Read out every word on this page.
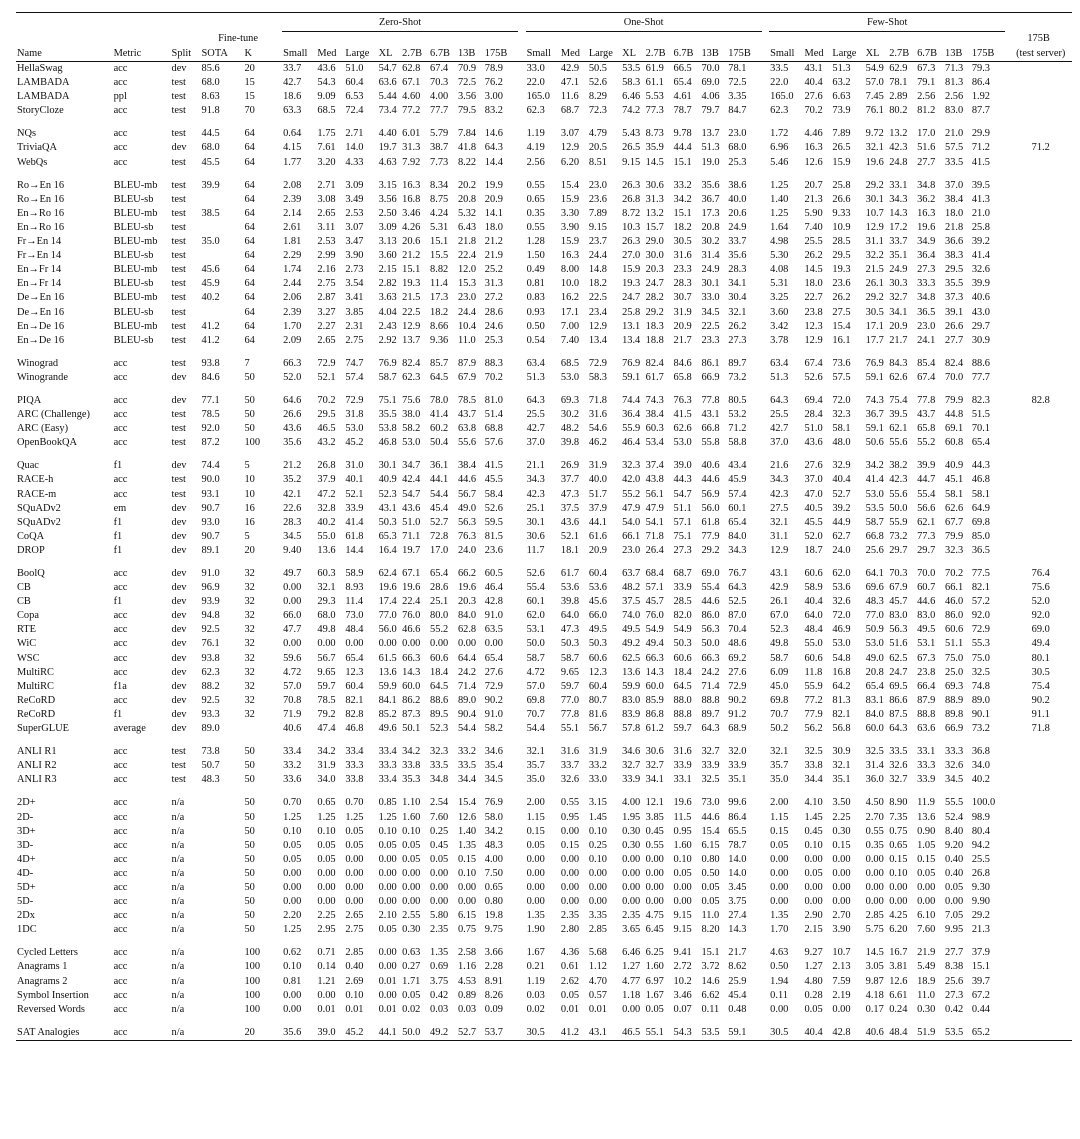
						Zero-Shot									One-Shot									Few-Shot									
			Fine-tune																													175B	
Name	Metric	Split	SOTA	K		Small	Med	Large	XL	2.7B	6.7B	13B	175B		Small	Med	Large	XL	2.7B	6.7B	13B	175B		Small	Med	Large	XL	2.7B	6.7B	13B	175B		(test server)
HellaSwag	acc	dev	85.6	20		33.7	43.6	51.0	54.7	62.8	67.4	70.9	78.9		33.0	42.9	50.5	53.5	61.9	66.5	70.0	78.1		33.5	43.1	51.3	54.9	62.9	67.3	71.3	79.3		
LAMBADA	acc	test	68.0	15		42.7	54.3	60.4	63.6	67.1	70.3	72.5	76.2		22.0	47.1	52.6	58.3	61.1	65.4	69.0	72.5		22.0	40.4	63.2	57.0	78.1	79.1	81.3	86.4		
LAMBADA	ppl	test	8.63	15		18.6	9.09	6.53	5.44	4.60	4.00	3.56	3.00		165.0	11.6	8.29	6.46	5.53	4.61	4.06	3.35		165.0	27.6	6.63	7.45	2.89	2.56	2.56	1.92		
StoryCloze	acc	test	91.8	70		63.3	68.5	72.4	73.4	77.2	77.7	79.5	83.2		62.3	68.7	72.3	74.2	77.3	78.7	79.7	84.7		62.3	70.2	73.9	76.1	80.2	81.2	83.0	87.7		

NQs	acc	test	44.5	64		0.64	1.75	2.71	4.40	6.01	5.79	7.84	14.6		1.19	3.07	4.79	5.43	8.73	9.78	13.7	23.0		1.72	4.46	7.89	9.72	13.2	17.0	21.0	29.9		
TriviaQA	acc	dev	68.0	64		4.15	7.61	14.0	19.7	31.3	38.7	41.8	64.3		4.19	12.9	20.5	26.5	35.9	44.4	51.3	68.0		6.96	16.3	26.5	32.1	42.3	51.6	57.5	71.2		71.2
WebQs	acc	test	45.5	64		1.77	3.20	4.33	4.63	7.92	7.73	8.22	14.4		2.56	6.20	8.51	9.15	14.5	15.1	19.0	25.3		5.46	12.6	15.9	19.6	24.8	27.7	33.5	41.5		

Ro→En 16	BLEU-mb	test	39.9	64		2.08	2.71	3.09	3.15	16.3	8.34	20.2	19.9		0.55	15.4	23.0	26.3	30.6	33.2	35.6	38.6		1.25	20.7	25.8	29.2	33.1	34.8	37.0	39.5		
Ro→En 16	BLEU-sb	test		64		2.39	3.08	3.49	3.56	16.8	8.75	20.8	20.9		0.65	15.9	23.6	26.8	31.3	34.2	36.7	40.0		1.40	21.3	26.6	30.1	34.3	36.2	38.4	41.3		
En→Ro 16	BLEU-mb	test	38.5	64		2.14	2.65	2.53	2.50	3.46	4.24	5.32	14.1		0.35	3.30	7.89	8.72	13.2	15.1	17.3	20.6		1.25	5.90	9.33	10.7	14.3	16.3	18.0	21.0		
En→Ro 16	BLEU-sb	test		64		2.61	3.11	3.07	3.09	4.26	5.31	6.43	18.0		0.55	3.90	9.15	10.3	15.7	18.2	20.8	24.9		1.64	7.40	10.9	12.9	17.2	19.6	21.8	25.8		
Fr→En 14	BLEU-mb	test	35.0	64		1.81	2.53	3.47	3.13	20.6	15.1	21.8	21.2		1.28	15.9	23.7	26.3	29.0	30.5	30.2	33.7		4.98	25.5	28.5	31.1	33.7	34.9	36.6	39.2		
Fr→En 14	BLEU-sb	test		64		2.29	2.99	3.90	3.60	21.2	15.5	22.4	21.9		1.50	16.3	24.4	27.0	30.0	31.6	31.4	35.6		5.30	26.2	29.5	32.2	35.1	36.4	38.3	41.4		
En→Fr 14	BLEU-mb	test	45.6	64		1.74	2.16	2.73	2.15	15.1	8.82	12.0	25.2		0.49	8.00	14.8	15.9	20.3	23.3	24.9	28.3		4.08	14.5	19.3	21.5	24.9	27.3	29.5	32.6		
En→Fr 14	BLEU-sb	test	45.9	64		2.44	2.75	3.54	2.82	19.3	11.4	15.3	31.3		0.81	10.0	18.2	19.3	24.7	28.3	30.1	34.1		5.31	18.0	23.6	26.1	30.3	33.3	35.5	39.9		
De→En 16	BLEU-mb	test	40.2	64		2.06	2.87	3.41	3.63	21.5	17.3	23.0	27.2		0.83	16.2	22.5	24.7	28.2	30.7	33.0	30.4		3.25	22.7	26.2	29.2	32.7	34.8	37.3	40.6		
De→En 16	BLEU-sb	test		64		2.39	3.27	3.85	4.04	22.5	18.2	24.4	28.6		0.93	17.1	23.4	25.8	29.2	31.9	34.5	32.1		3.60	23.8	27.5	30.5	34.1	36.5	39.1	43.0		
En→De 16	BLEU-mb	test	41.2	64		1.70	2.27	2.31	2.43	12.9	8.66	10.4	24.6		0.50	7.00	12.9	13.1	18.3	20.9	22.5	26.2		3.42	12.3	15.4	17.1	20.9	23.0	26.6	29.7		
En→De 16	BLEU-sb	test	41.2	64		2.09	2.65	2.75	2.92	13.7	9.36	11.0	25.3		0.54	7.40	13.4	13.4	18.8	21.7	23.3	27.3		3.78	12.9	16.1	17.7	21.7	24.1	27.7	30.9		

Winograd	acc	test	93.8	7		66.3	72.9	74.7	76.9	82.4	85.7	87.9	88.3		63.4	68.5	72.9	76.9	82.4	84.6	86.1	89.7		63.4	67.4	73.6	76.9	84.3	85.4	82.4	88.6		
Winogrande	acc	dev	84.6	50		52.0	52.1	57.4	58.7	62.3	64.5	67.9	70.2		51.3	53.0	58.3	59.1	61.7	65.8	66.9	73.2		51.3	52.6	57.5	59.1	62.6	67.4	70.0	77.7		

PIQA	acc	dev	77.1	50		64.6	70.2	72.9	75.1	75.6	78.0	78.5	81.0		64.3	69.3	71.8	74.4	74.3	76.3	77.8	80.5		64.3	69.4	72.0	74.3	75.4	77.8	79.9	82.3		82.8
ARC (Challenge)	acc	test	78.5	50		26.6	29.5	31.8	35.5	38.0	41.4	43.7	51.4		25.5	30.2	31.6	36.4	38.4	41.5	43.1	53.2		25.5	28.4	32.3	36.7	39.5	43.7	44.8	51.5		
ARC (Easy)	acc	test	92.0	50		43.6	46.5	53.0	53.8	58.2	60.2	63.8	68.8		42.7	48.2	54.6	55.9	60.3	62.6	66.8	71.2		42.7	51.0	58.1	59.1	62.1	65.8	69.1	70.1		
OpenBookQA	acc	test	87.2	100		35.6	43.2	45.2	46.8	53.0	50.4	55.6	57.6		37.0	39.8	46.2	46.4	53.4	53.0	55.8	58.8		37.0	43.6	48.0	50.6	55.6	55.2	60.8	65.4		

Quac	f1	dev	74.4	5		21.2	26.8	31.0	30.1	34.7	36.1	38.4	41.5		21.1	26.9	31.9	32.3	37.4	39.0	40.6	43.4		21.6	27.6	32.9	34.2	38.2	39.9	40.9	44.3		
RACE-h	acc	test	90.0	10		35.2	37.9	40.1	40.9	42.4	44.1	44.6	45.5		34.3	37.7	40.0	42.0	43.8	44.3	44.6	45.9		34.3	37.0	40.4	41.4	42.3	44.7	45.1	46.8		
RACE-m	acc	test	93.1	10		42.1	47.2	52.1	52.3	54.7	54.4	56.7	58.4		42.3	47.3	51.7	55.2	56.1	54.7	56.9	57.4		42.3	47.0	52.7	53.0	55.6	55.4	58.1	58.1		
SQuADv2	em	dev	90.7	16		22.6	32.8	33.9	43.1	43.6	45.4	49.0	52.6		25.1	37.5	37.9	47.9	47.9	51.1	56.0	60.1		27.5	40.5	39.2	53.5	50.0	56.6	62.6	64.9		
SQuADv2	f1	dev	93.0	16		28.3	40.2	41.4	50.3	51.0	52.7	56.3	59.5		30.1	43.6	44.1	54.0	54.1	57.1	61.8	65.4		32.1	45.5	44.9	58.7	55.9	62.1	67.7	69.8		
CoQA	f1	dev	90.7	5		34.5	55.0	61.8	65.3	71.1	72.8	76.3	81.5		30.6	52.1	61.6	66.1	71.8	75.1	77.9	84.0		31.1	52.0	62.7	66.8	73.2	77.3	79.9	85.0		
DROP	f1	dev	89.1	20		9.40	13.6	14.4	16.4	19.7	17.0	24.0	23.6		11.7	18.1	20.9	23.0	26.4	27.3	29.2	34.3		12.9	18.7	24.0	25.6	29.7	29.7	32.3	36.5		

BoolQ	acc	dev	91.0	32		49.7	60.3	58.9	62.4	67.1	65.4	66.2	60.5		52.6	61.7	60.4	63.7	68.4	68.7	69.0	76.7		43.1	60.6	62.0	64.1	70.3	70.0	70.2	77.5		76.4
CB	acc	dev	96.9	32		0.00	32.1	8.93	19.6	19.6	28.6	19.6	46.4		55.4	53.6	53.6	48.2	57.1	33.9	55.4	64.3		42.9	58.9	53.6	69.6	67.9	60.7	66.1	82.1		75.6
CB	f1	dev	93.9	32		0.00	29.3	11.4	17.4	22.4	25.1	20.3	42.8		60.1	39.8	45.6	37.5	45.7	28.5	44.6	52.5		26.1	40.4	32.6	48.3	45.7	44.6	46.0	57.2		52.0
Copa	acc	dev	94.8	32		66.0	68.0	73.0	77.0	76.0	80.0	84.0	91.0		62.0	64.0	66.0	74.0	76.0	82.0	86.0	87.0		67.0	64.0	72.0	77.0	83.0	83.0	86.0	92.0		92.0
RTE	acc	dev	92.5	32		47.7	49.8	48.4	56.0	46.6	55.2	62.8	63.5		53.1	47.3	49.5	49.5	54.9	54.9	56.3	70.4		52.3	48.4	46.9	50.9	56.3	49.5	60.6	72.9		69.0
WiC	acc	dev	76.1	32		0.00	0.00	0.00	0.00	0.00	0.00	0.00	0.00		50.0	50.3	50.3	49.2	49.4	50.3	50.0	48.6		49.8	55.0	53.0	53.0	51.6	53.1	51.1	55.3		49.4
WSC	acc	dev	93.8	32		59.6	56.7	65.4	61.5	66.3	60.6	64.4	65.4		58.7	58.7	60.6	62.5	66.3	60.6	66.3	69.2		58.7	60.6	54.8	49.0	62.5	67.3	75.0	75.0		80.1
MultiRC	acc	dev	62.3	32		4.72	9.65	12.3	13.6	14.3	18.4	24.2	27.6		4.72	9.65	12.3	13.6	14.3	18.4	24.2	27.6		6.09	11.8	16.8	20.8	24.7	23.8	25.0	32.5		30.5
MultiRC	f1a	dev	88.2	32		57.0	59.7	60.4	59.9	60.0	64.5	71.4	72.9		57.0	59.7	60.4	59.9	60.0	64.5	71.4	72.9		45.0	55.9	64.2	65.4	69.5	66.4	69.3	74.8		75.4
ReCoRD	acc	dev	92.5	32		70.8	78.5	82.1	84.1	86.2	88.6	89.0	90.2		69.8	77.0	80.7	83.0	85.9	88.0	88.8	90.2		69.8	77.2	81.3	83.1	86.6	87.9	88.9	89.0		90.2
ReCoRD	f1	dev	93.3	32		71.9	79.2	82.8	85.2	87.3	89.5	90.4	91.0		70.7	77.8	81.6	83.9	86.8	88.8	89.7	91.2		70.7	77.9	82.1	84.0	87.5	88.8	89.8	90.1		91.1
SuperGLUE	average	dev	89.0			40.6	47.4	46.8	49.6	50.1	52.3	54.4	58.2		54.4	55.1	56.7	57.8	61.2	59.7	64.3	68.9		50.2	56.2	56.8	60.0	64.3	63.6	66.9	73.2		71.8

ANLI R1	acc	test	73.8	50		33.4	34.2	33.4	33.4	34.2	32.3	33.2	34.6		32.1	31.6	31.9	34.6	30.6	31.6	32.7	32.0		32.1	32.5	30.9	32.5	33.5	33.1	33.3	36.8		
ANLI R2	acc	test	50.7	50		33.2	31.9	33.3	33.3	33.8	33.5	33.5	35.4		35.7	33.7	33.2	32.7	32.7	33.9	33.9	33.9		35.7	33.8	32.1	31.4	32.6	33.3	32.6	34.0		
ANLI R3	acc	test	48.3	50		33.6	34.0	33.8	33.4	35.3	34.8	34.4	34.5		35.0	32.6	33.0	33.9	34.1	33.1	32.5	35.1		35.0	34.4	35.1	36.0	32.7	33.9	34.5	40.2		

2D+	acc	n/a		50		0.70	0.65	0.70	0.85	1.10	2.54	15.4	76.9		2.00	0.55	3.15	4.00	12.1	19.6	73.0	99.6		2.00	4.10	3.50	4.50	8.90	11.9	55.5	100.0		
2D-	acc	n/a		50		1.25	1.25	1.25	1.25	1.60	7.60	12.6	58.0		1.15	0.95	1.45	1.95	3.85	11.5	44.6	86.4		1.15	1.45	2.25	2.70	7.35	13.6	52.4	98.9		
3D+	acc	n/a		50		0.10	0.10	0.05	0.10	0.10	0.25	1.40	34.2		0.15	0.00	0.10	0.30	0.45	0.95	15.4	65.5		0.15	0.45	0.30	0.55	0.75	0.90	8.40	80.4		
3D-	acc	n/a		50		0.05	0.05	0.05	0.05	0.05	0.45	1.35	48.3		0.05	0.15	0.25	0.30	0.55	1.60	6.15	78.7		0.05	0.10	0.15	0.35	0.65	1.05	9.20	94.2		
4D+	acc	n/a		50		0.05	0.05	0.00	0.00	0.05	0.05	0.15	4.00		0.00	0.00	0.10	0.00	0.00	0.10	0.80	14.0		0.00	0.00	0.00	0.00	0.15	0.15	0.40	25.5		
4D-	acc	n/a		50		0.00	0.00	0.00	0.00	0.00	0.00	0.10	7.50		0.00	0.00	0.00	0.00	0.00	0.05	0.50	14.0		0.00	0.05	0.00	0.00	0.10	0.05	0.40	26.8		
5D+	acc	n/a		50		0.00	0.00	0.00	0.00	0.00	0.00	0.00	0.65		0.00	0.00	0.00	0.00	0.00	0.00	0.05	3.45		0.00	0.00	0.00	0.00	0.00	0.00	0.05	9.30		
5D-	acc	n/a		50		0.00	0.00	0.00	0.00	0.00	0.00	0.00	0.80		0.00	0.00	0.00	0.00	0.00	0.00	0.05	3.75		0.00	0.00	0.00	0.00	0.00	0.00	0.00	9.90		
2Dx	acc	n/a		50		2.20	2.25	2.65	2.10	2.55	5.80	6.15	19.8		1.35	2.35	3.35	2.35	4.75	9.15	11.0	27.4		1.35	2.90	2.70	2.85	4.25	6.10	7.05	29.2		
1DC	acc	n/a		50		1.25	2.95	2.75	0.05	0.30	2.35	0.75	9.75		1.90	2.80	2.85	3.65	6.45	9.15	8.20	14.3		1.70	2.15	3.90	5.75	6.20	7.60	9.95	21.3		

Cycled Letters	acc	n/a		100		0.62	0.71	2.85	0.00	0.63	1.35	2.58	3.66		1.67	4.36	5.68	6.46	6.25	9.41	15.1	21.7		4.63	9.27	10.7	14.5	16.7	21.9	27.7	37.9		
Anagrams 1	acc	n/a		100		0.10	0.14	0.40	0.00	0.27	0.69	1.16	2.28		0.21	0.61	1.12	1.27	1.60	2.72	3.72	8.62		0.50	1.27	2.13	3.05	3.81	5.49	8.38	15.1		
Anagrams 2	acc	n/a		100		0.81	1.21	2.69	0.01	1.71	3.75	4.53	8.91		1.19	2.62	4.70	4.77	6.97	10.2	14.6	25.9		1.94	4.80	7.59	9.87	12.6	18.9	25.6	39.7		
Symbol Insertion	acc	n/a		100		0.00	0.00	0.10	0.00	0.05	0.42	0.89	8.26		0.03	0.05	0.57	1.18	1.67	3.46	6.62	45.4		0.11	0.28	2.19	4.18	6.61	11.0	27.3	67.2		
Reversed Words	acc	n/a		100		0.00	0.01	0.01	0.01	0.02	0.03	0.03	0.09		0.02	0.01	0.01	0.00	0.05	0.07	0.11	0.48		0.00	0.05	0.00	0.17	0.24	0.30	0.42	0.44		

SAT Analogies	acc	n/a		20		35.6	39.0	45.2	44.1	50.0	49.2	52.7	53.7		30.5	41.2	43.1	46.5	55.1	54.3	53.5	59.1		30.5	40.4	42.8	40.6	48.4	51.9	53.5	65.2		
